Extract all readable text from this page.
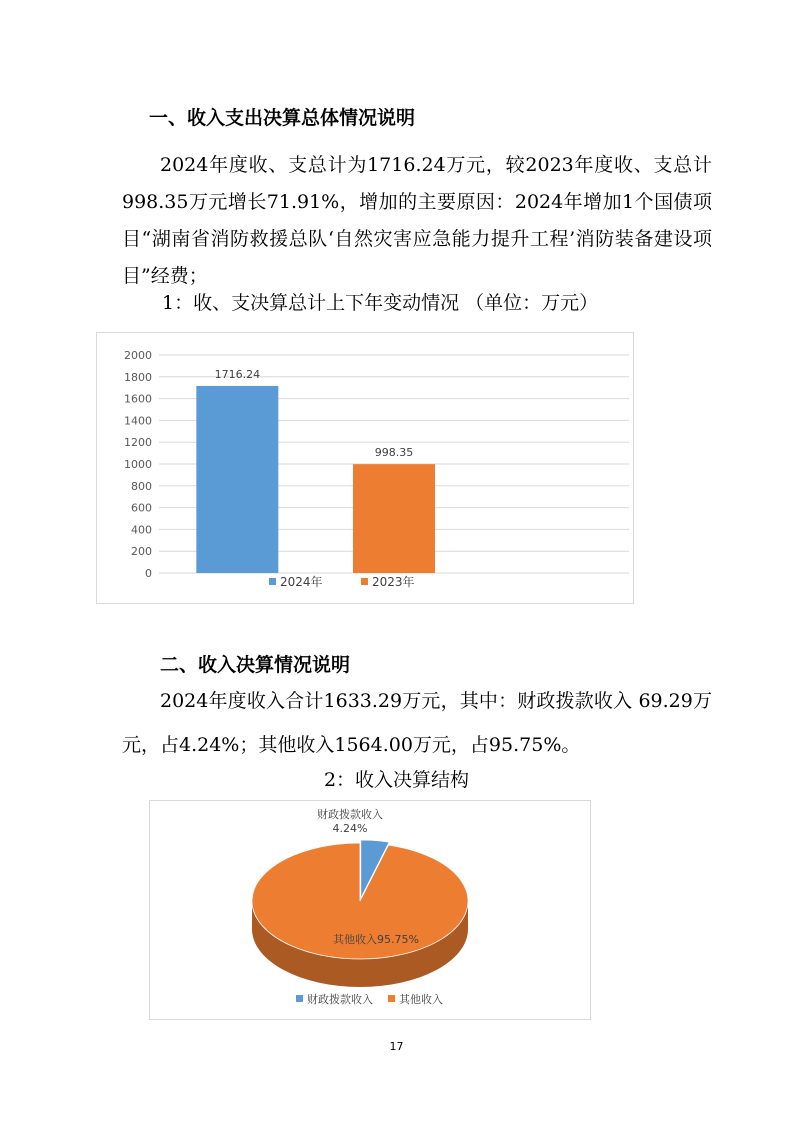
一、收入支出决算总体情况说明

2024年度收、支总计为1716.24万元，较2023年度收、支总计998.35万元增长71.91%，增加的主要原因：2024年增加1个国债项目“湖南省消防救援总队‘自然灾害应急能力提升工程’消防装备建设项目”经费；

1：收、支决算总计上下年变动情况 （单位：万元）
0
200
400
600
800
1000
1200
1400
1600
1800
2000
1716.24
998.35
2024年	2023年
二、收入决算情况说明

2024年度收入合计1633.29万元，其中：财政拨款收入 69.29万元，占4.24%；其他收入1564.00万元，占95.75%。

2：收入决算结构
财政拨款收入
4.24%
其他收入95.75%
财政拨款收入 其他收入
17
